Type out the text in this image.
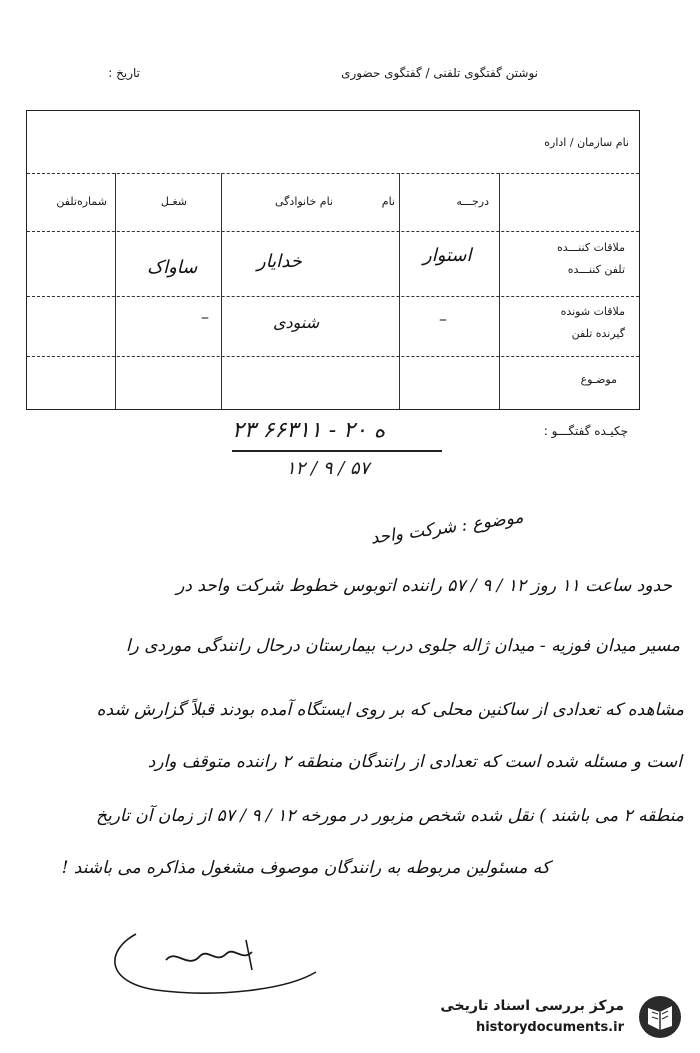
تاریخ :	نوشتن گفتگوی تلفنی / گفتگوی حضوری
نام سازمان / اداره
درجـــه
نام
نام خانوادگی
شغـل
شماره‌تلفن
ملاقات کننـــده
تلفن کننـــده
ملاقات شونده
گیرنده تلفن
موضـوع
استوار
خدایار
ساواک
–
شنودی
–
چکیـده گفتگـــو :
۲۳ ه ۲۰ - ۶۶۳۱۱
۱۲ / ۹ / ۵۷
موضوع : شرکت واحد
حدود ساعت ۱۱ روز ۱۲ / ۹ / ۵۷ راننده اتوبوس خطوط شرکت واحد در
مسیر میدان فوزیه - میدان ژاله جلوی درب بیمارستان درحال رانندگی موردی را
مشاهده که تعدادی از ساکنین محلی که بر روی ایستگاه آمده بودند قبلاً گزارش شده
است و مسئله شده است که تعدادی از رانندگان منطقه ۲ راننده متوقف وارد
منطقه ۲ می باشند ) نقل شده شخص مزبور در مورخه ۱۲ / ۹ / ۵۷ از زمان آن تاریخ
که مسئولین مربوطه به رانندگان موصوف مشغول مذاکره می باشند !
مرکز بررسی اسناد تاریخی
historydocuments.ir
